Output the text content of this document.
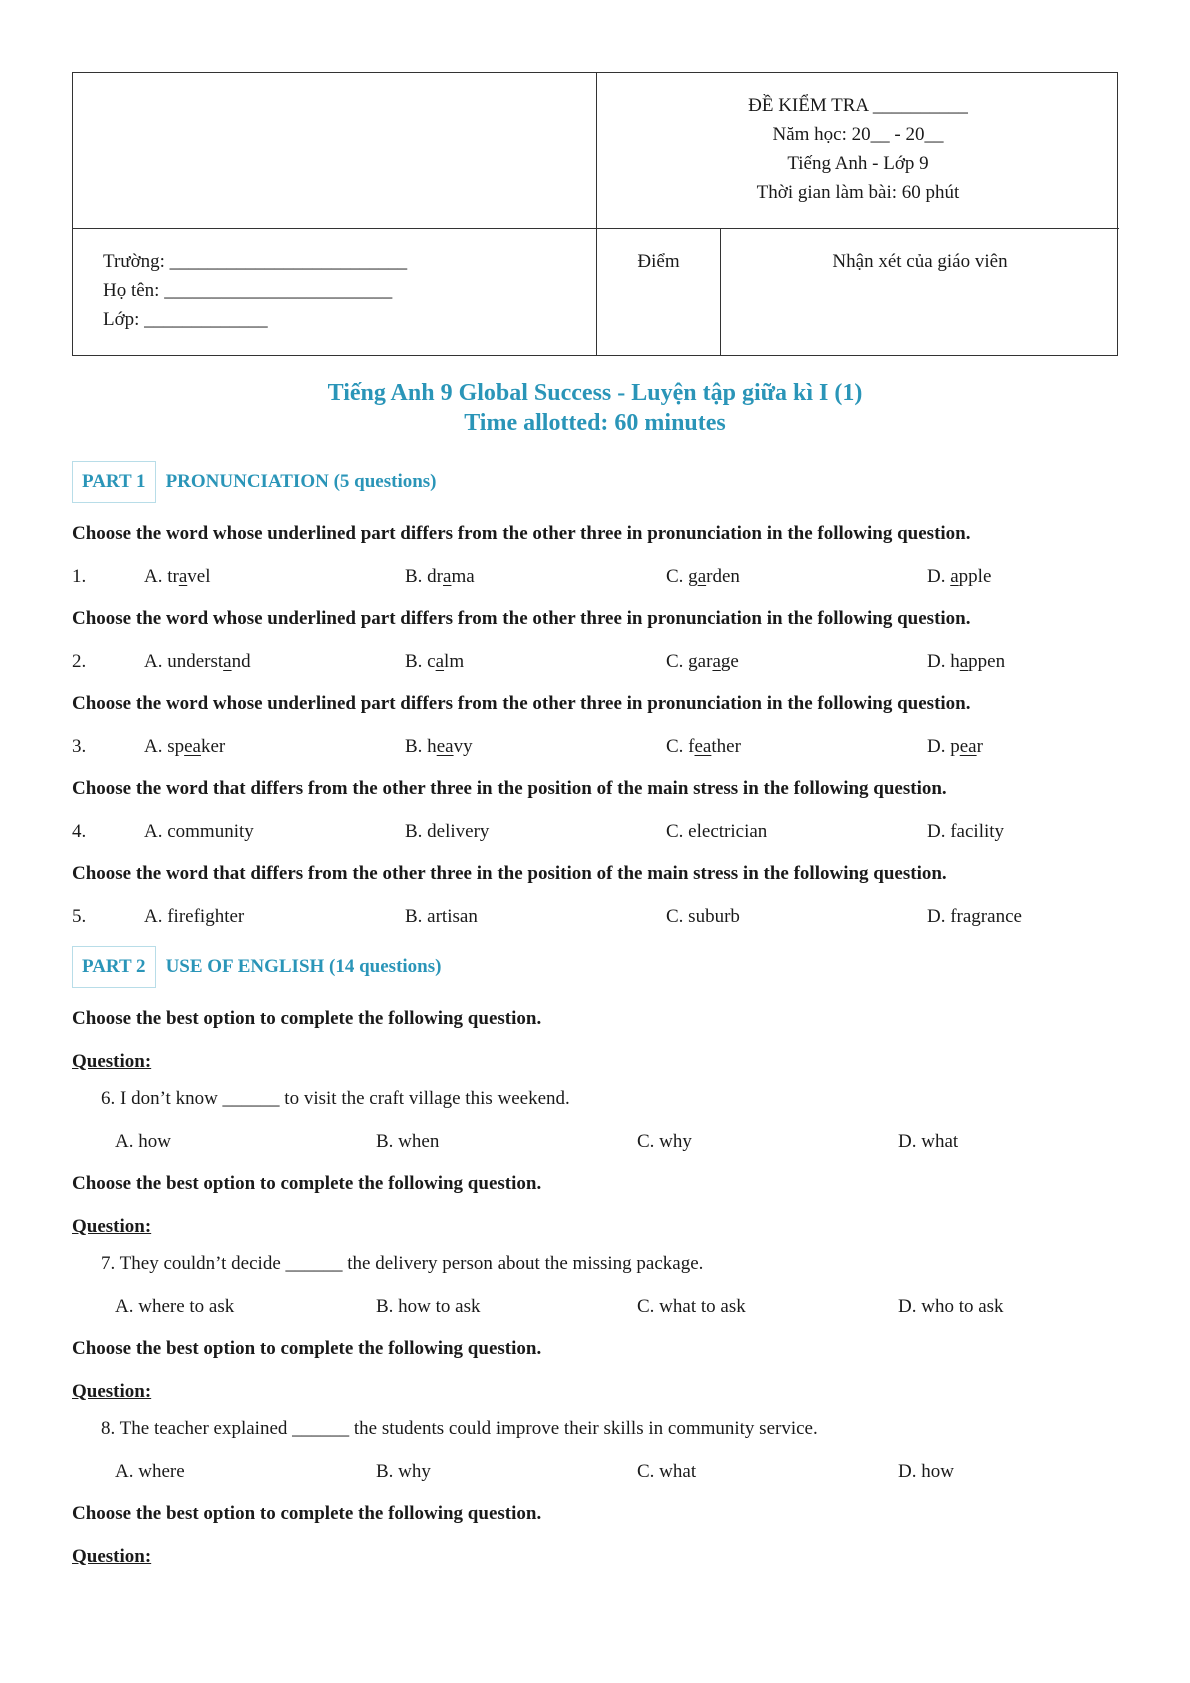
ĐỀ KIỂM TRA __________
Năm học: 20__ - 20__
Tiếng Anh - Lớp 9
Thời gian làm bài: 60 phút
Trường: _________________________
Họ tên: ________________________
Lớp: _____________
Điểm	Nhận xét của giáo viên
Tiếng Anh 9 Global Success - Luyện tập giữa kì I (1)
Time allotted: 60 minutes
PART 1	PRONUNCIATION (5 questions)
Choose the word whose underlined part differs from the other three in pronunciation in the following question.
1.	A. travel	B. drama	C. garden	D. apple
Choose the word whose underlined part differs from the other three in pronunciation in the following question.
2.	A. understand	B. calm	C. garage	D. happen
Choose the word whose underlined part differs from the other three in pronunciation in the following question.
3.	A. speaker	B. heavy	C. feather	D. pear
Choose the word that differs from the other three in the position of the main stress in the following question.
4.	A. community	B. delivery	C. electrician	D. facility
Choose the word that differs from the other three in the position of the main stress in the following question.
5.	A. firefighter	B. artisan	C. suburb	D. fragrance
PART 2	USE OF ENGLISH (14 questions)
Choose the best option to complete the following question.
Question:
6. I don’t know ______ to visit the craft village this weekend.
A. how	B. when	C. why	D. what
Choose the best option to complete the following question.
Question:
7. They couldn’t decide ______ the delivery person about the missing package.
A. where to ask	B. how to ask	C. what to ask	D. who to ask
Choose the best option to complete the following question.
Question:
8. The teacher explained ______ the students could improve their skills in community service.
A. where	B. why	C. what	D. how
Choose the best option to complete the following question.
Question:
